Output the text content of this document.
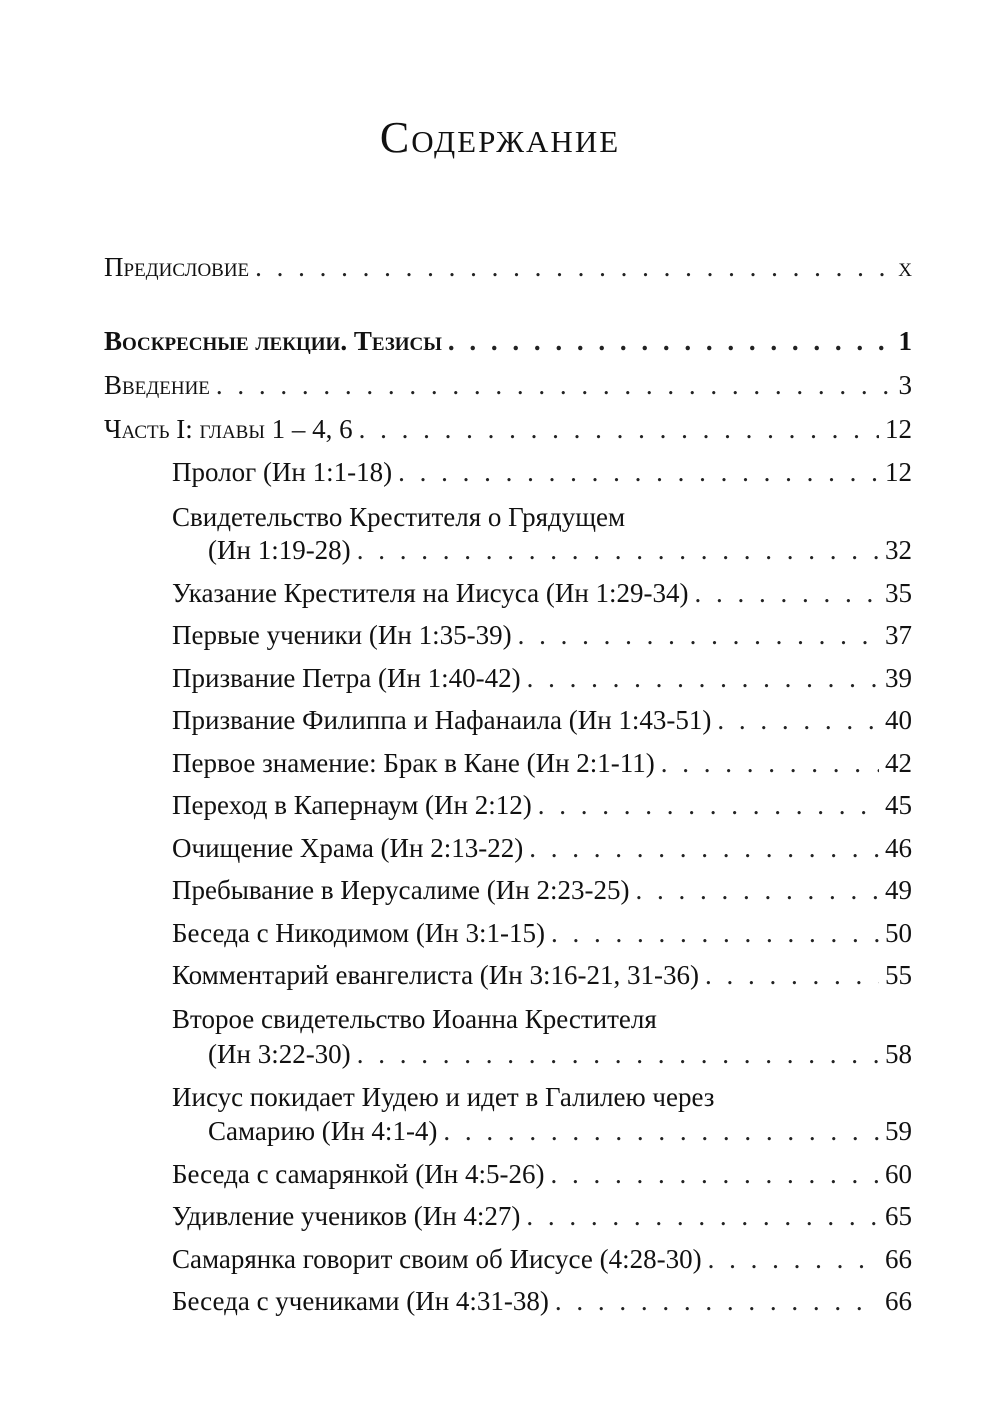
Содержание
Предисловие . . .	x
Воскресные лекции. Тезисы . . .	1
Введение . . .	3
Часть I: главы 1 – 4, 6 . . .	12
Пролог (Ин 1:1-18) . . .	12
Свидетельство Крестителя о Грядущем
(Ин 1:19-28) . . .	32
Указание Крестителя на Иисуса (Ин 1:29-34) . . .	35
Первые ученики (Ин 1:35-39) . . .	37
Призвание Петра (Ин 1:40-42) . . .	39
Призвание Филиппа и Нафанаила (Ин 1:43-51) . . .	40
Первое знамение: Брак в Кане (Ин 2:1-11) . . .	42
Переход в Капернаум (Ин 2:12) . . .	45
Очищение Храма (Ин 2:13-22) . . .	46
Пребывание в Иерусалиме (Ин 2:23-25) . . .	49
Беседа с Никодимом (Ин 3:1-15) . . .	50
Комментарий евангелиста (Ин 3:16-21, 31-36) . . .	55
Второе свидетельство Иоанна Крестителя
(Ин 3:22-30) . . .	58
Иисус покидает Иудею и идет в Галилею через
Самарию (Ин 4:1-4) . . .	59
Беседа с самарянкой (Ин 4:5-26) . . .	60
Удивление учеников (Ин 4:27) . . .	65
Самарянка говорит своим об Иисусе (4:28-30) . . .	66
Беседа с учениками (Ин 4:31-38) . . .	66
